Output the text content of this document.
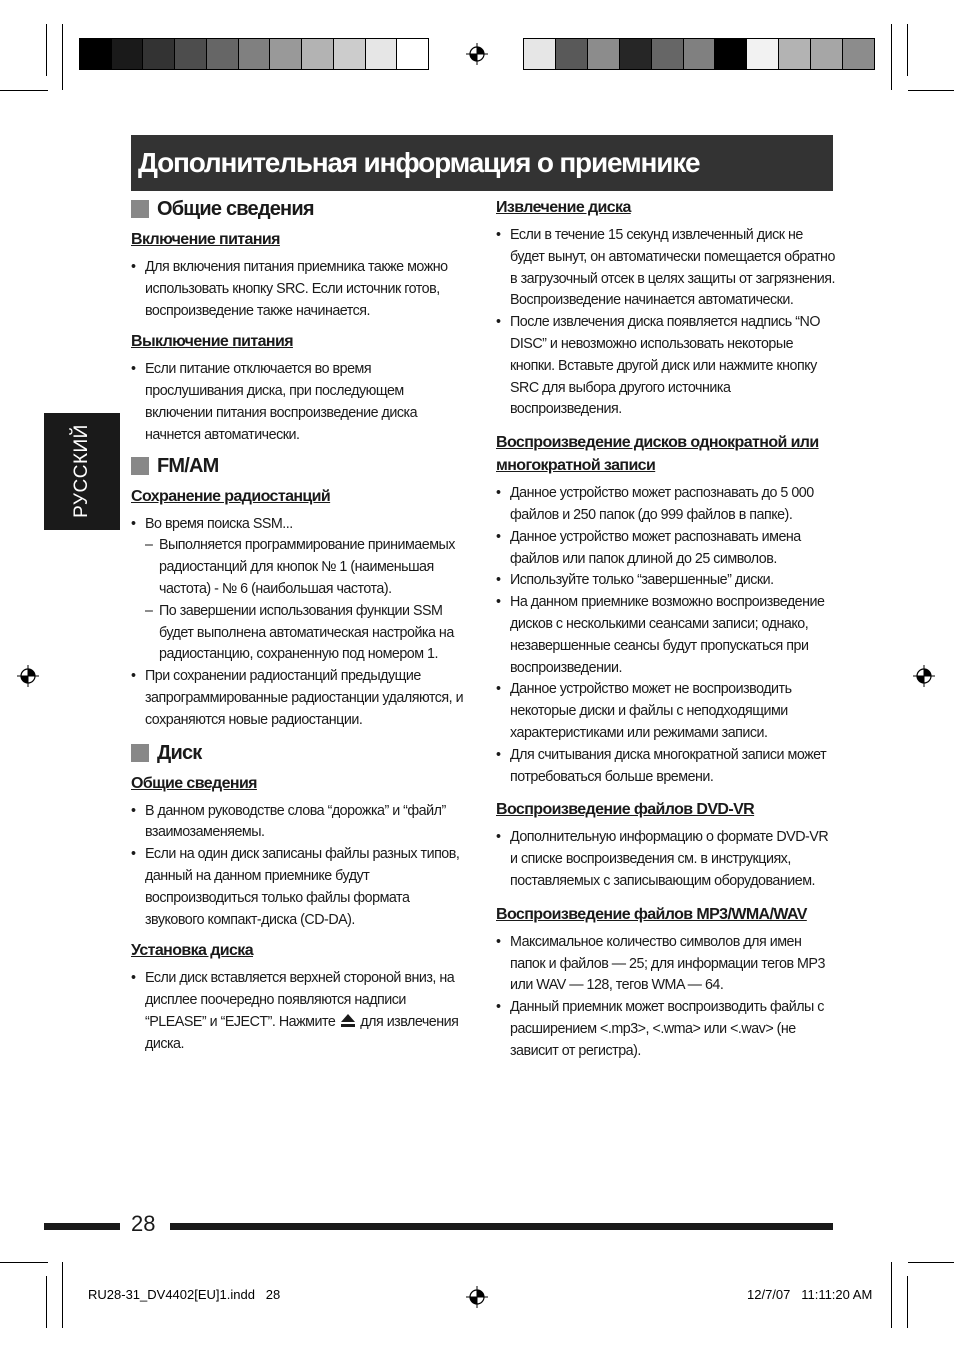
Дополнительная информация о приемнике
РУССКИЙ
Общие сведения
Включение питания
• Для включения питания приемника также можно использовать кнопку SRC. Если источник готов, воспроизведение также начинается.
Выключение питания
• Если питание отключается во время прослушивания диска, при последующем включении питания воспроизведение диска начнется автоматически.
FM/AM
Сохранение радиостанций
• Во время поиска SSM...
– Выполняется программирование принимаемых радиостанций для кнопок № 1 (наименьшая частота) - № 6 (наибольшая частота).
– По завершении использования функции SSM будет выполнена автоматическая настройка на радиостанцию, сохраненную под номером 1.
• При сохранении радиостанций предыдущие запрограммированные радиостанции удаляются, и сохраняются новые радиостанции.
Диск
Общие сведения
• В данном руководстве слова “дорожка” и “файл” взаимозаменяемы.
• Если на один диск записаны файлы разных типов, данный на данном приемнике будут воспроизводиться только файлы формата звукового компакт-диска (CD-DA).
Установка диска
• Если диск вставляется верхней стороной вниз, на дисплее поочередно появляются надписи “PLEASE” и “EJECT”. Нажмите для извлечения диска.
Извлечение диска
• Если в течение 15 секунд извлеченный диск не будет вынут, он автоматически помещается обратно в загрузочный отсек в целях защиты от загрязнения. Воспроизведение начинается автоматически.
• После извлечения диска появляется надпись “NO DISC” и невозможно использовать некоторые кнопки. Вставьте другой диск или нажмите кнопку SRC для выбора другого источника воспроизведения.
Воспроизведение дисков однократной или многократной записи
• Данное устройство может распознавать до 5 000 файлов и 250 папок (до 999 файлов в папке).
• Данное устройство может распознавать имена файлов или папок длиной до 25 символов.
• Используйте только “завершенные” диски.
• На данном приемнике возможно воспроизведение дисков с несколькими сеансами записи; однако, незавершенные сеансы будут пропускаться при воспроизведении.
• Данное устройство может не воспроизводить некоторые диски и файлы с неподходящими характеристиками или режимами записи.
• Для считывания диска многократной записи может потребоваться больше времени.
Воспроизведение файлов DVD-VR
• Дополнительную информацию о формате DVD-VR и списке воспроизведения см. в инструкциях, поставляемых с записывающим оборудованием.
Воспроизведение файлов MP3/WMA/WAV
• Максимальное количество символов для имен папок и файлов — 25; для информации тегов MP3 или WAV — 128, тегов WMA — 64.
• Данный приемник может воспроизводить файлы с расширением <.mp3>, <.wma> или <.wav> (не зависит от регистра).
28
RU28-31_DV4402[EU]1.indd   28	12/7/07   11:11:20 AM
